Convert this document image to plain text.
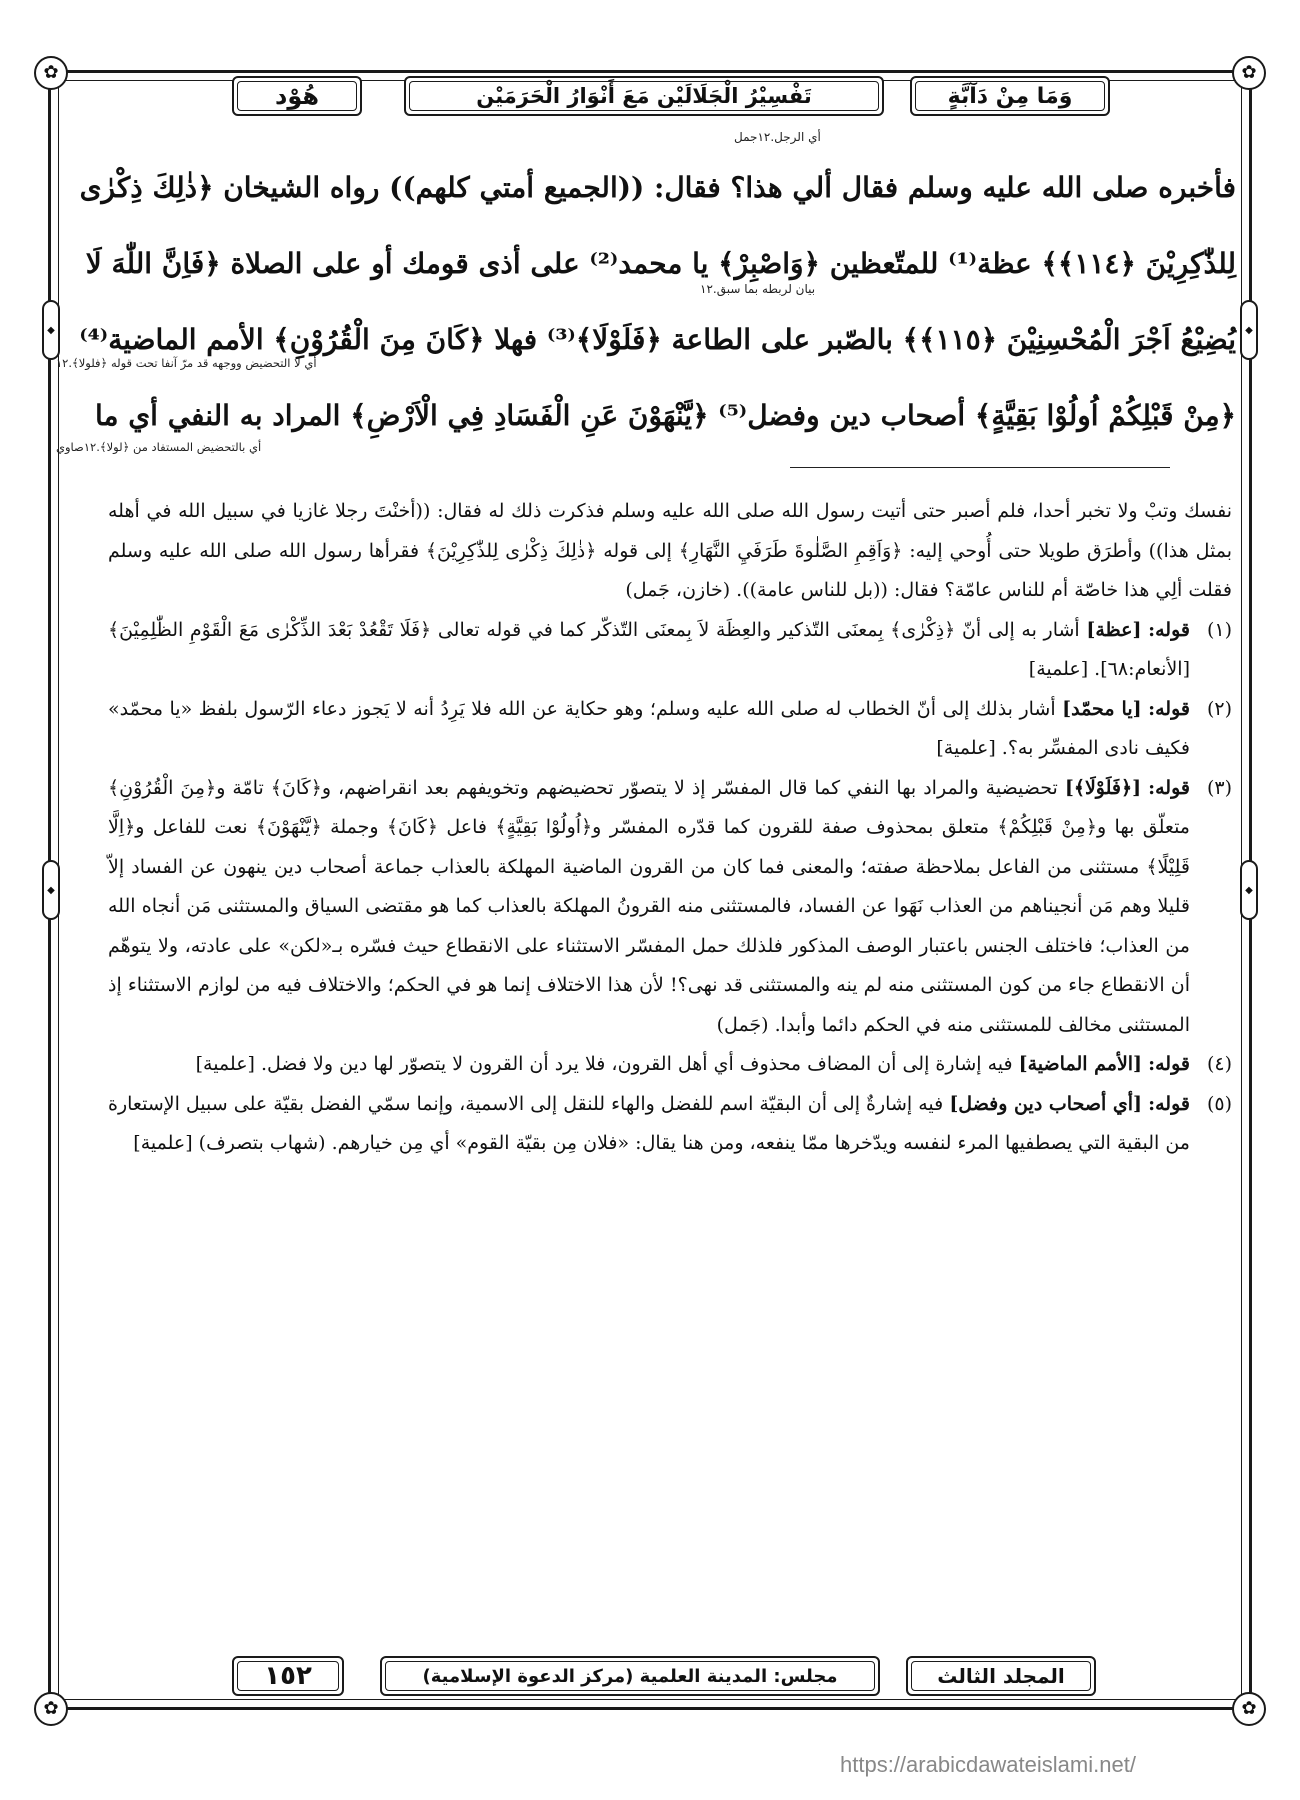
✿	✿
✿	✿
◆	◆
◆	◆
هُوْد	تَفْسِيْرُ الْجَلَالَيْن مَعَ أَنْوَارُ الْحَرَمَيْن	وَمَا مِنْ دَآبَّةٍ
أي الرجل.١٢جمل
بيان لربطه بما سبق.١٢
أي لا التحضيض ووجهه قد مرّ آنفا تحت قوله ﴿فلولا﴾.١٢
أي بالتحضيض المستفاد من ﴿لولا﴾.١٢صاوي
فأخبره صلى الله عليه وسلم فقال ألي هذا؟ فقال: ((الجميع أمتي كلهم)) رواه الشيخان ﴿ذٰلِكَ ذِكْرٰى
لِلذّٰكِرِيْنَ ﴿١١٤﴾﴾ عظة⁽¹⁾ للمتّعظين ﴿وَاصْبِرْ﴾ يا محمد⁽²⁾ على أذى قومك أو على الصلاة ﴿فَاِنَّ اللّٰهَ لَا
يُضِيْعُ اَجْرَ الْمُحْسِنِيْنَ ﴿١١٥﴾﴾ بالصّبر على الطاعة ﴿فَلَوْلَا﴾⁽³⁾ فهلا ﴿كَانَ مِنَ الْقُرُوْنِ﴾ الأمم الماضية⁽⁴⁾
﴿مِنْ قَبْلِكُمْ اُولُوْا بَقِيَّةٍ﴾ أصحاب دين وفضل⁽⁵⁾ ﴿يَّنْهَوْنَ عَنِ الْفَسَادِ فِي الْاَرْضِ﴾ المراد به النفي أي ما

نفسك وتبْ ولا تخبر أحدا، فلم أصبر حتى أتيت رسول الله صلى الله عليه وسلم فذكرت ذلك له فقال: ((أخنْتَ رجلا غازيا في سبيل الله في أهله بمثل هذا)) وأطرَق طويلا حتى أُوحي إليه: ﴿وَاَقِمِ الصَّلٰوةَ طَرَفَيِ النَّهَارِ﴾ إلى قوله ﴿ذٰلِكَ ذِكْرٰى لِلذّٰكِرِيْنَ﴾ فقرأها رسول الله صلى الله عليه وسلم فقلت ألِي هذا خاصّة أم للناس عامّة؟ فقال: ((بل للناس عامة)). (خازن، جَمل)

(١)

قوله: [عظة] أشار به إلى أنّ ﴿ذِكْرٰى﴾ بِمعنَى التّذكير والعِظَة لاَ بِمعنَى التّذكّر كما في قوله تعالى ﴿فَلَا تَقْعُدْ بَعْدَ الذِّكْرٰى مَعَ الْقَوْمِ الظّٰلِمِيْنَ﴾ [الأنعام:٦٨]. [علمية]

(٢)

قوله: [يا محمّد] أشار بذلك إلى أنّ الخطاب له صلى الله عليه وسلم؛ وهو حكاية عن الله فلا يَرِدُ أنه لا يَجوز دعاء الرّسول بلفظ «يا محمّد» فكيف نادى المفسِّر به؟. [علمية]

(٣)

قوله: [﴿فَلَوْلَا﴾] تحضيضية والمراد بها النفي كما قال المفسّر إذ لا يتصوّر تحضيضهم وتخويفهم بعد انقراضهم، و﴿كَانَ﴾ تامّة و﴿مِنَ الْقُرُوْنِ﴾ متعلّق بها و﴿مِنْ قَبْلِكُمْ﴾ متعلق بمحذوف صفة للقرون كما قدّره المفسّر و﴿اُولُوْا بَقِيَّةٍ﴾ فاعل ﴿كَانَ﴾ وجملة ﴿يَّنْهَوْنَ﴾ نعت للفاعل و﴿اِلَّا قَلِيْلًا﴾ مستثنى من الفاعل بملاحظة صفته؛ والمعنى فما كان من القرون الماضية المهلكة بالعذاب جماعة أصحاب دين ينهون عن الفساد إلاّ قليلا وهم مَن أنجيناهم من العذاب نَهَوا عن الفساد، فالمستثنى منه القرونُ المهلكة بالعذاب كما هو مقتضى السياق والمستثنى مَن أنجاه الله من العذاب؛ فاختلف الجنس باعتبار الوصف المذكور فلذلك حمل المفسّر الاستثناء على الانقطاع حيث فسّره بـ«لكن» على عادته، ولا يتوهّم أن الانقطاع جاء من كون المستثنى منه لم ينه والمستثنى قد نهى؟! لأن هذا الاختلاف إنما هو في الحكم؛ والاختلاف فيه من لوازم الاستثناء إذ المستثنى مخالف للمستثنى منه في الحكم دائما وأبدا. (جَمل)

(٤)

قوله: [الأمم الماضية] فيه إشارة إلى أن المضاف محذوف أي أهل القرون، فلا يرد أن القرون لا يتصوّر لها دين ولا فضل. [علمية]

(٥)

قوله: [أي أصحاب دين وفضل] فيه إشارةٌ إلى أن البقيّة اسم للفضل والهاء للنقل إلى الاسمية، وإنما سمّي الفضل بقيّة على سبيل الإستعارة من البقية التي يصطفيها المرء لنفسه ويدّخرها ممّا ينفعه، ومن هنا يقال: «فلان مِن بقيّة القوم» أي مِن خيارهم. (شهاب بتصرف) [علمية]

١٥٢	مجلس: المدينة العلمية (مركز الدعوة الإسلامية)	المجلد الثالث
https://arabicdawateislami.net/
